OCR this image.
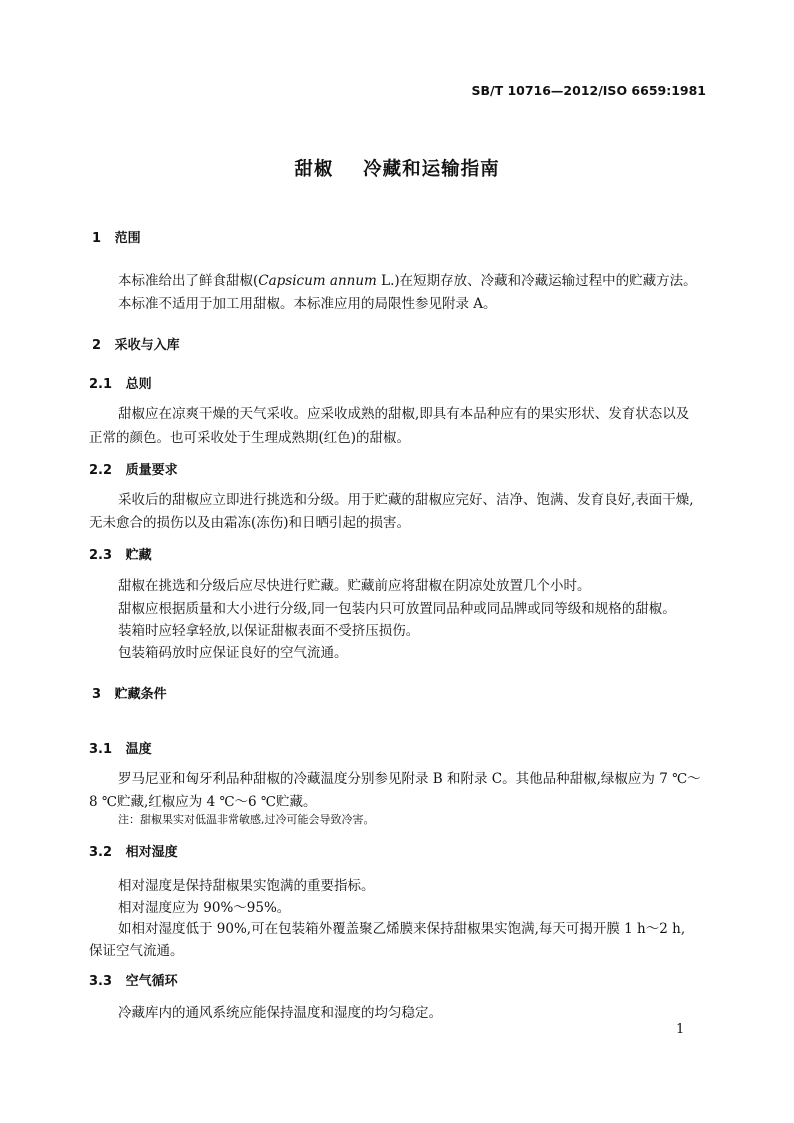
SB/T 10716—2012/ISO 6659:1981
甜椒    冷藏和运输指南
1   范围
本标准给出了鲜食甜椒(Capsicum annum L.)在短期存放、冷藏和冷藏运输过程中的贮藏方法。
本标准不适用于加工用甜椒。本标准应用的局限性参见附录 A。
2   采收与入库
2.1   总则
甜椒应在凉爽干燥的天气采收。应采收成熟的甜椒,即具有本品种应有的果实形状、发育状态以及
正常的颜色。也可采收处于生理成熟期(红色)的甜椒。
2.2   质量要求
采收后的甜椒应立即进行挑选和分级。用于贮藏的甜椒应完好、洁净、饱满、发育良好,表面干燥,
无未愈合的损伤以及由霜冻(冻伤)和日晒引起的损害。
2.3   贮藏
甜椒在挑选和分级后应尽快进行贮藏。贮藏前应将甜椒在阴凉处放置几个小时。
甜椒应根据质量和大小进行分级,同一包装内只可放置同品种或同品牌或同等级和规格的甜椒。
装箱时应轻拿轻放,以保证甜椒表面不受挤压损伤。
包装箱码放时应保证良好的空气流通。
3   贮藏条件
3.1   温度
罗马尼亚和匈牙利品种甜椒的冷藏温度分别参见附录 B 和附录 C。其他品种甜椒,绿椒应为 7 ℃～
8 ℃贮藏,红椒应为 4 ℃～6 ℃贮藏。
注：甜椒果实对低温非常敏感,过冷可能会导致冷害。
3.2   相对湿度
相对湿度是保持甜椒果实饱满的重要指标。
相对湿度应为 90%～95%。
如相对湿度低于 90%,可在包装箱外覆盖聚乙烯膜来保持甜椒果实饱满,每天可揭开膜 1 h～2 h,
保证空气流通。
3.3   空气循环
冷藏库内的通风系统应能保持温度和湿度的均匀稳定。
1
